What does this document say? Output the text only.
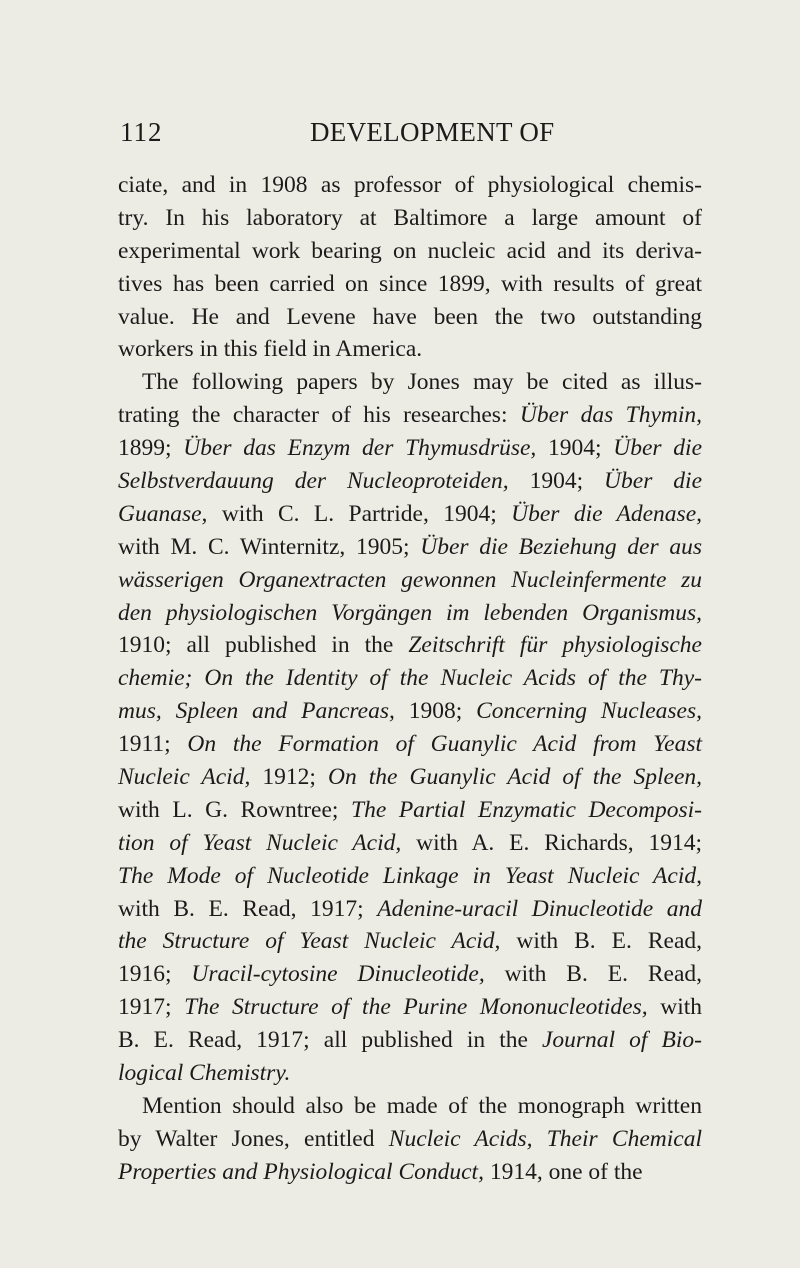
112	DEVELOPMENT OF
ciate, and in 1908 as professor of physiological chemis-
try. In his laboratory at Baltimore a large amount of
experimental work bearing on nucleic acid and its deriva-
tives has been carried on since 1899, with results of great
value. He and Levene have been the two outstanding
workers in this field in America.
The following papers by Jones may be cited as illus-
trating the character of his researches: Über das Thymin,
1899; Über das Enzym der Thymusdrüse, 1904; Über die
Selbstverdauung der Nucleoproteiden, 1904; Über die
Guanase, with C. L. Partride, 1904; Über die Adenase,
with M. C. Winternitz, 1905; Über die Beziehung der aus
wässerigen Organextracten gewonnen Nucleinfermente zu
den physiologischen Vorgängen im lebenden Organismus,
1910; all published in the Zeitschrift für physiologische
chemie; On the Identity of the Nucleic Acids of the Thy-
mus, Spleen and Pancreas, 1908; Concerning Nucleases,
1911; On the Formation of Guanylic Acid from Yeast
Nucleic Acid, 1912; On the Guanylic Acid of the Spleen,
with L. G. Rowntree; The Partial Enzymatic Decomposi-
tion of Yeast Nucleic Acid, with A. E. Richards, 1914;
The Mode of Nucleotide Linkage in Yeast Nucleic Acid,
with B. E. Read, 1917; Adenine-uracil Dinucleotide and
the Structure of Yeast Nucleic Acid, with B. E. Read,
1916; Uracil-cytosine Dinucleotide, with B. E. Read,
1917; The Structure of the Purine Mononucleotides, with
B. E. Read, 1917; all published in the Journal of Bio-
logical Chemistry.
Mention should also be made of the monograph written
by Walter Jones, entitled Nucleic Acids, Their Chemical
Properties and Physiological Conduct, 1914, one of the
